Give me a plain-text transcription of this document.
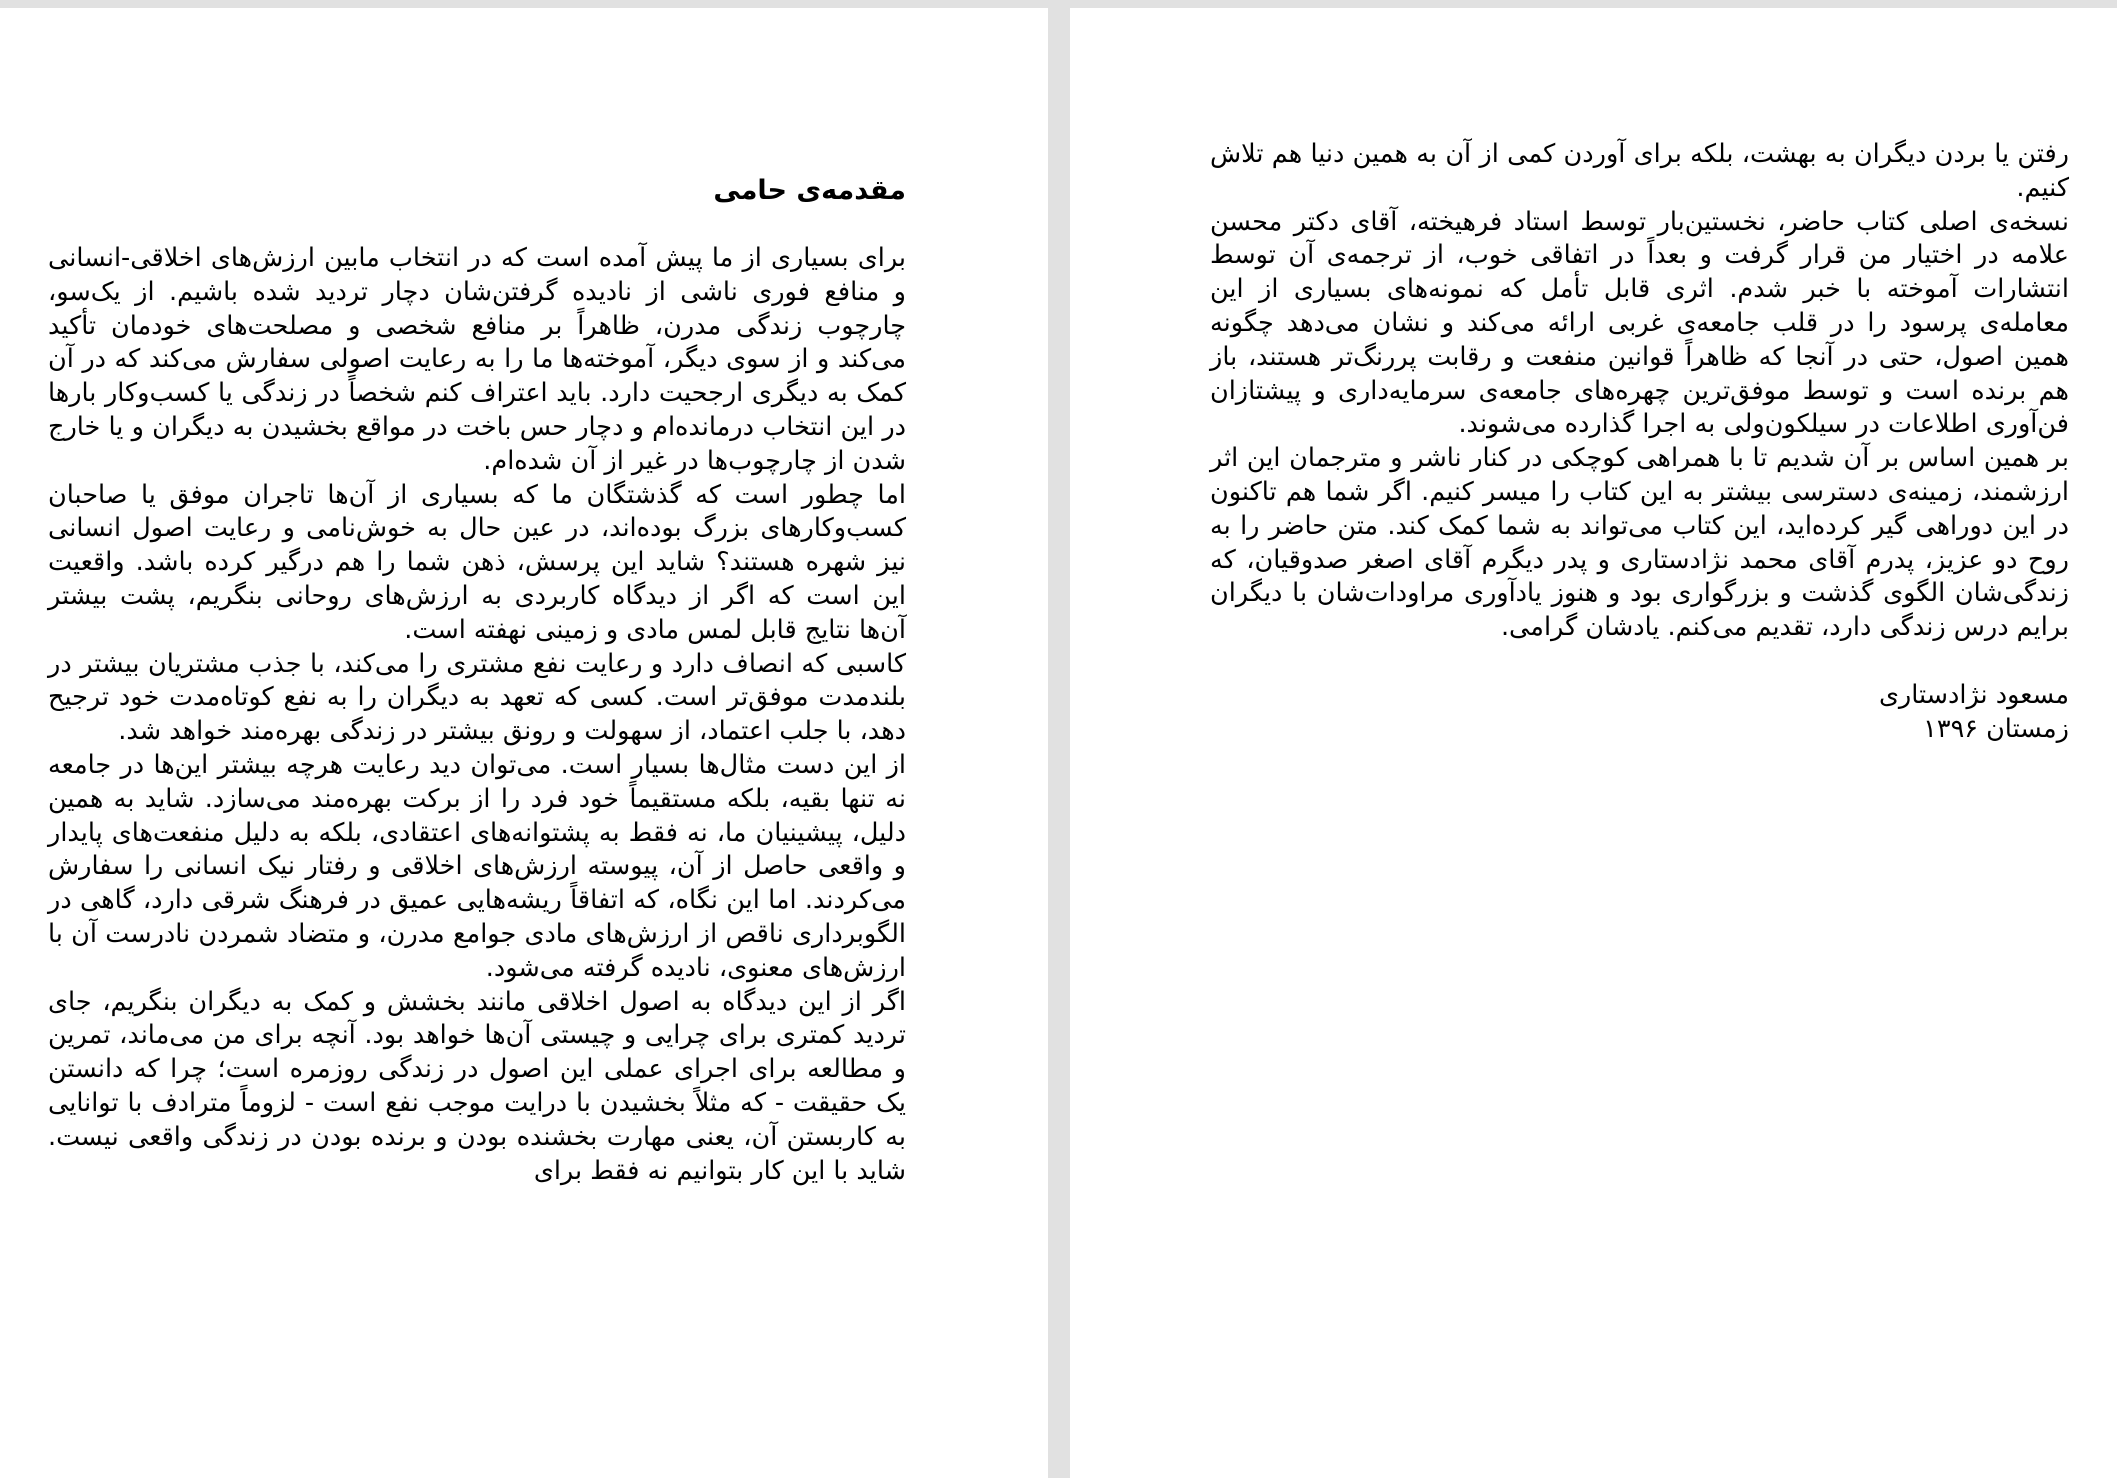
مقدمه‌ی حامی

برای بسیاری از ما پیش آمده است که در انتخاب مابین ارزش‌های اخلاقی-انسانی و منافع فوری ناشی از نادیده گرفتن‌شان دچار تردید شده باشیم. از یک‌سو، چارچوب زندگی مدرن، ظاهراً بر منافع شخصی و مصلحت‌های خودمان تأکید می‌کند و از سوی دیگر، آموخته‌ها ما را به رعایت اصولی سفارش می‌کند که در آن کمک به دیگری ارجحیت دارد. باید اعتراف کنم شخصاً در زندگی یا کسب‌وکار بارها در این انتخاب درمانده‌ام و دچار حس باخت در مواقع بخشیدن به دیگران و یا خارج شدن از چارچوب‌ها در غیر از آن شده‌ام.

اما چطور است که گذشتگان ما که بسیاری از آن‌ها تاجران موفق یا صاحبان کسب‌وکارهای بزرگ بوده‌اند، در عین حال به خوش‌نامی و رعایت اصول انسانی نیز شهره هستند؟ شاید این پرسش، ذهن شما را هم درگیر کرده باشد. واقعیت این است که اگر از دیدگاه کاربردی به ارزش‌های روحانی بنگریم، پشت بیشتر آن‌ها نتایج قابل لمس مادی و زمینی نهفته است.

کاسبی که انصاف دارد و رعایت نفع مشتری را می‌کند، با جذب مشتریان بیشتر در بلندمدت موفق‌تر است. کسی که تعهد به دیگران را به نفع کوتاه‌مدت خود ترجیح دهد، با جلب اعتماد، از سهولت و رونق بیشتر در زندگی بهره‌مند خواهد شد.

از این دست مثال‌ها بسیار است. می‌توان دید رعایت هرچه بیشتر این‌ها در جامعه نه تنها بقیه، بلکه مستقیماً خود فرد را از برکت بهره‌مند می‌سازد. شاید به همین دلیل، پیشینیان ما، نه فقط به پشتوانه‌های اعتقادی، بلکه به دلیل منفعت‌های پایدار و واقعی حاصل از آن، پیوسته ارزش‌های اخلاقی و رفتار نیک انسانی را سفارش می‌کردند. اما این نگاه، که اتفاقاً ریشه‌هایی عمیق در فرهنگ شرقی دارد، گاهی در الگوبرداری ناقص از ارزش‌های مادی جوامع مدرن، و متضاد شمردن نادرست آن با ارزش‌های معنوی، نادیده گرفته می‌شود.

اگر از این دیدگاه به اصول اخلاقی مانند بخشش و کمک به دیگران بنگریم، جای تردید کمتری برای چرایی و چیستی آن‌ها خواهد بود. آنچه برای من می‌ماند، تمرین و مطالعه برای اجرای عملی این اصول در زندگی روزمره است؛ چرا که دانستن یک حقیقت - که مثلاً بخشیدن با درایت موجب نفع است - لزوماً مترادف با توانایی به کاربستن آن، یعنی مهارت بخشنده بودن و برنده بودن در زندگی واقعی نیست. شاید با این کار بتوانیم نه فقط برای

رفتن یا بردن دیگران به بهشت، بلکه برای آوردن کمی از آن به همین دنیا هم تلاش کنیم.

نسخه‌ی اصلی کتاب حاضر، نخستین‌بار توسط استاد فرهیخته، آقای دکتر محسن علامه در اختیار من قرار گرفت و بعداً در اتفاقی خوب، از ترجمه‌ی آن توسط انتشارات آموخته با خبر شدم. اثری قابل تأمل که نمونه‌های بسیاری از این معامله‌ی پرسود را در قلب جامعه‌ی غربی ارائه می‌کند و نشان می‌دهد چگونه همین اصول، حتی در آنجا که ظاهراً قوانین منفعت و رقابت پررنگ‌تر هستند، باز هم برنده است و توسط موفق‌ترین چهره‌های جامعه‌ی سرمایه‌داری و پیشتازان فن‌آوری اطلاعات در سیلکون‌ولی به اجرا گذارده می‌شوند.

بر همین اساس بر آن شدیم تا با همراهی کوچکی در کنار ناشر و مترجمان این اثر ارزشمند، زمینه‌ی دسترسی بیشتر به این کتاب را میسر کنیم. اگر شما هم تاکنون در این دوراهی گیر کرده‌اید، این کتاب می‌تواند به شما کمک کند. متن حاضر را به روح دو عزیز، پدرم آقای محمد نژادستاری و پدر دیگرم آقای اصغر صدوقیان، که زندگی‌شان الگوی گذشت و بزرگواری بود و هنوز یادآوری مراودات‌شان با دیگران برایم درس زندگی دارد، تقدیم می‌کنم. یادشان گرامی.

مسعود نژادستاری
زمستان ۱۳۹۶
